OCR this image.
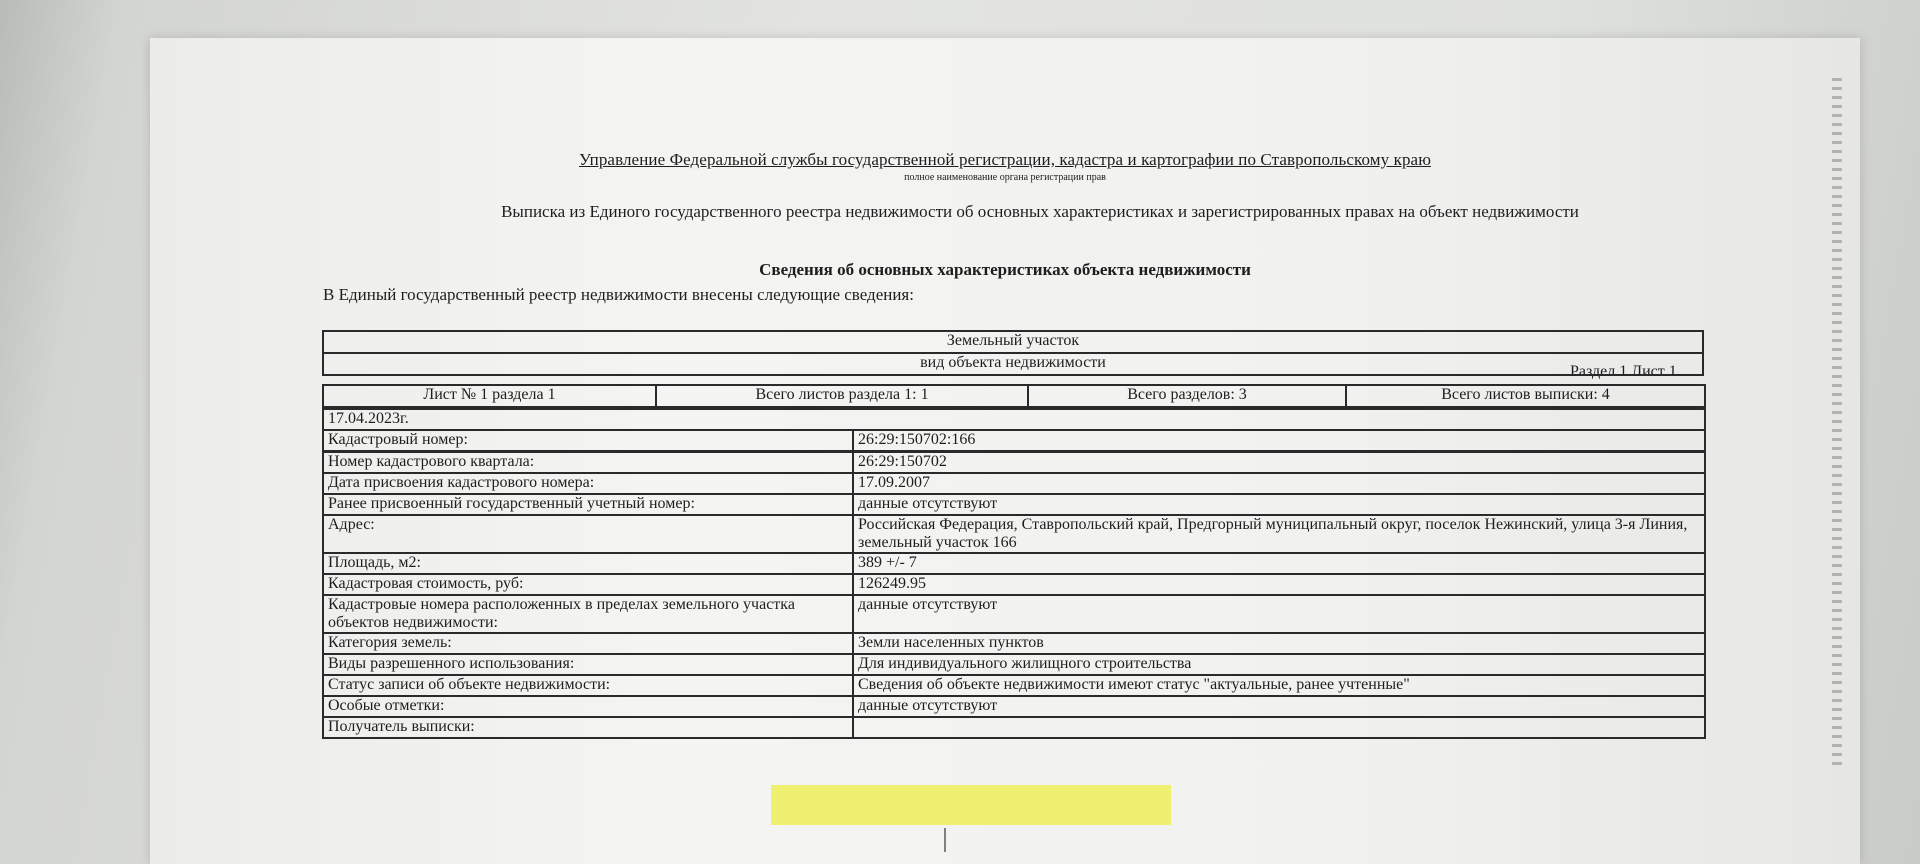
Управление Федеральной службы государственной регистрации, кадастра и картографии по Ставропольскому краю
полное наименование органа регистрации прав
Выписка из Единого государственного реестра недвижимости об основных характеристиках и зарегистрированных правах на объект недвижимости
Сведения об основных характеристиках объекта недвижимости
В Единый государственный реестр недвижимости внесены следующие сведения:
Раздел 1 Лист 1
Земельный участок
вид объекта недвижимости
Лист № 1 раздела 1	Всего листов раздела 1: 1	Всего разделов: 3	Всего листов выписки: 4
17.04.2023г.
Кадастровый номер:	26:29:150702:166
Номер кадастрового квартала:	26:29:150702
Дата присвоения кадастрового номера:	17.09.2007
Ранее присвоенный государственный учетный номер:	данные отсутствуют
Адрес:	Российская Федерация, Ставропольский край, Предгорный муниципальный округ, поселок Нежинский, улица 3-я Линия, земельный участок 166
Площадь, м2:	389 +/- 7
Кадастровая стоимость, руб:	126249.95
Кадастровые номера расположенных в пределах земельного участка объектов недвижимости:	данные отсутствуют
Категория земель:	Земли населенных пунктов
Виды разрешенного использования:	Для индивидуального жилищного строительства
Статус записи об объекте недвижимости:	Сведения об объекте недвижимости имеют статус "актуальные, ранее учтенные"
Особые отметки:	данные отсутствуют
Получатель выписки:	
